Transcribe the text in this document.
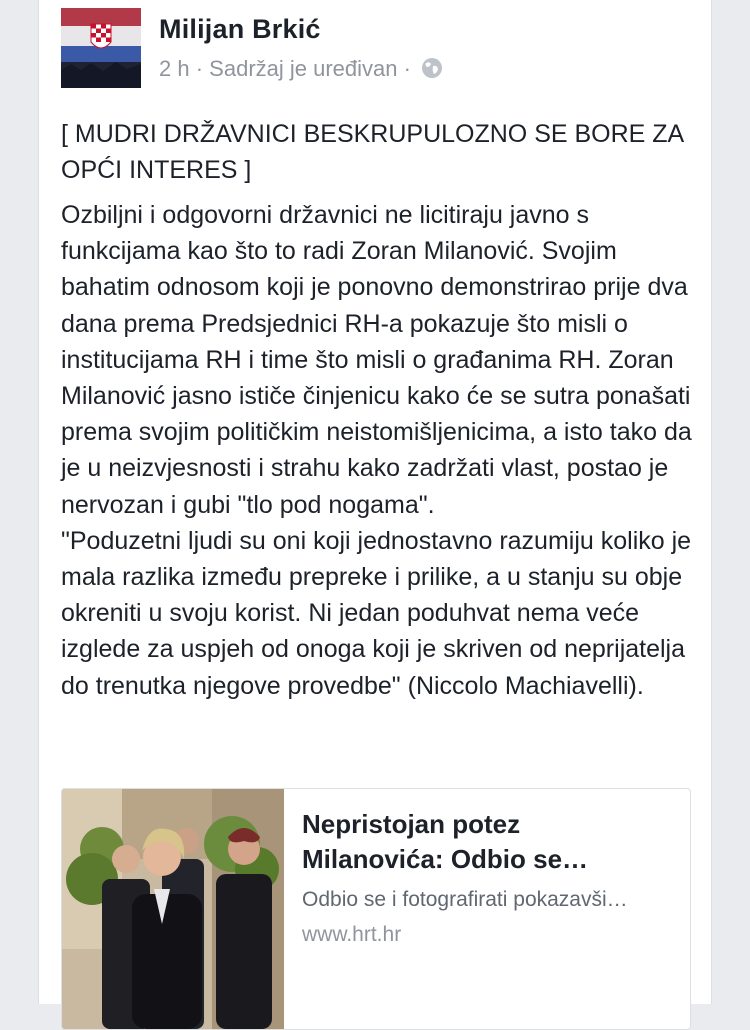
Milijan Brkić
2 h · Sadržaj je uređivan ·
[ MUDRI DRŽAVNICI BESKRUPULOZNO SE BORE ZA OPĆI INTERES ]

Ozbiljni i odgovorni državnici ne licitiraju javno s funkcijama kao što to radi Zoran Milanović. Svojim bahatim odnosom koji je ponovno demonstrirao prije dva dana prema Predsjednici RH-a pokazuje što misli o institucijama RH i time što misli o građanima RH. Zoran Milanović jasno ističe činjenicu kako će se sutra ponašati prema svojim političkim neistomišljenicima, a isto tako da je u neizvjesnosti i strahu kako zadržati vlast, postao je nervozan i gubi "tlo pod nogama".

"Poduzetni ljudi su oni koji jednostavno razumiju koliko je mala razlika između prepreke i prilike, a u stanju su obje okreniti u svoju korist. Ni jedan poduhvat nema veće izglede za uspjeh od onoga koji je skriven od neprijatelja do trenutka njegove provedbe" (Niccolo Machiavelli).

Nepristojan potez
Milanovića: Odbio se…
Odbio se i fotografirati pokazavši…
www.hrt.hr
